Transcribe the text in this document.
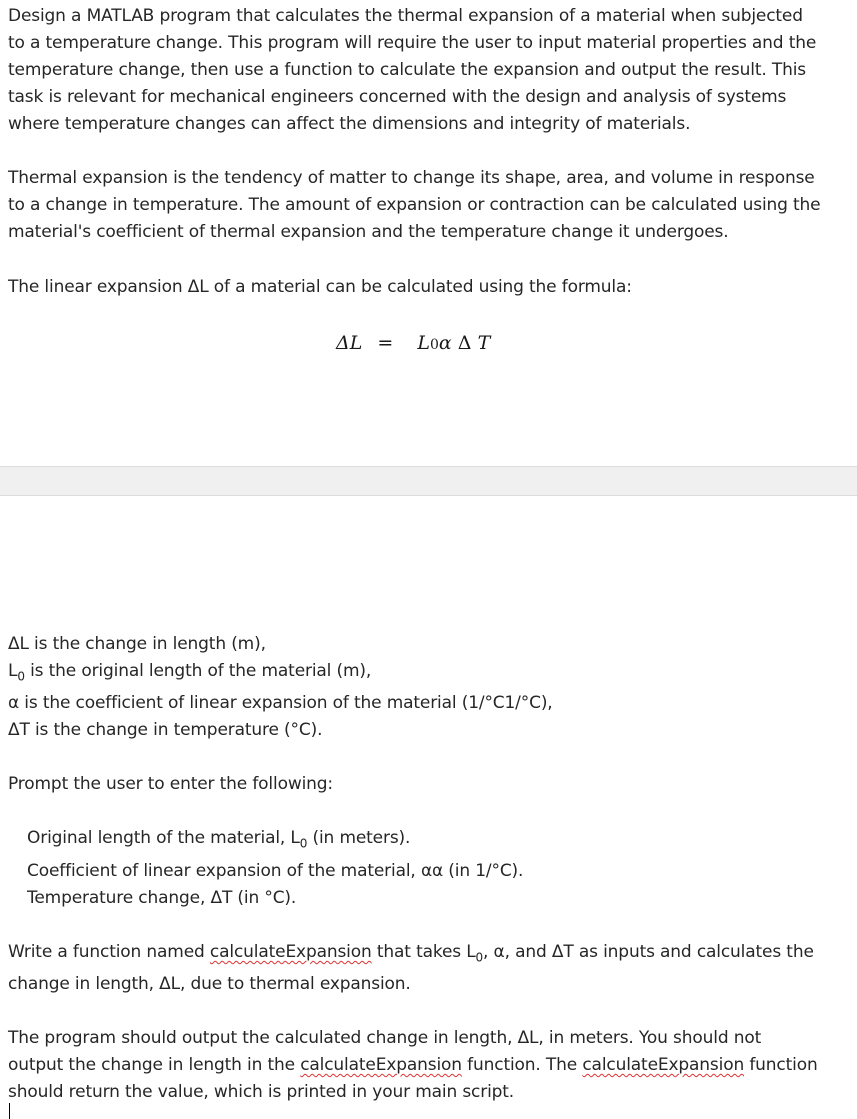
Design a MATLAB program that calculates the thermal expansion of a material when subjected
to a temperature change. This program will require the user to input material properties and the
temperature change, then use a function to calculate the expansion and output the result. This
task is relevant for mechanical engineers concerned with the design and analysis of systems
where temperature changes can affect the dimensions and integrity of materials.
Thermal expansion is the tendency of matter to change its shape, area, and volume in response
to a change in temperature. The amount of expansion or contraction can be calculated using the
material's coefficient of thermal expansion and the temperature change it undergoes.
The linear expansion ΔL of a material can be calculated using the formula:
ΔL = L0α Δ T
ΔL is the change in length (m),
$L_0$ is the original length of the material (m),
α is the coefficient of linear expansion of the material (1/°C1/°C),
ΔT is the change in temperature (°C).
Prompt the user to enter the following:
Original length of the material, $L_0$ (in meters).
Coefficient of linear expansion of the material, αα (in 1/°C).
Temperature change, ΔT (in °C).
Write a function named calculateExpansion that takes $L_0$, α, and ΔT as inputs and calculates the
change in length, ΔL, due to thermal expansion.
The program should output the calculated change in length, ΔL, in meters. You should not
output the change in length in the calculateExpansion function. The calculateExpansion function
should return the value, which is printed in your main script.
